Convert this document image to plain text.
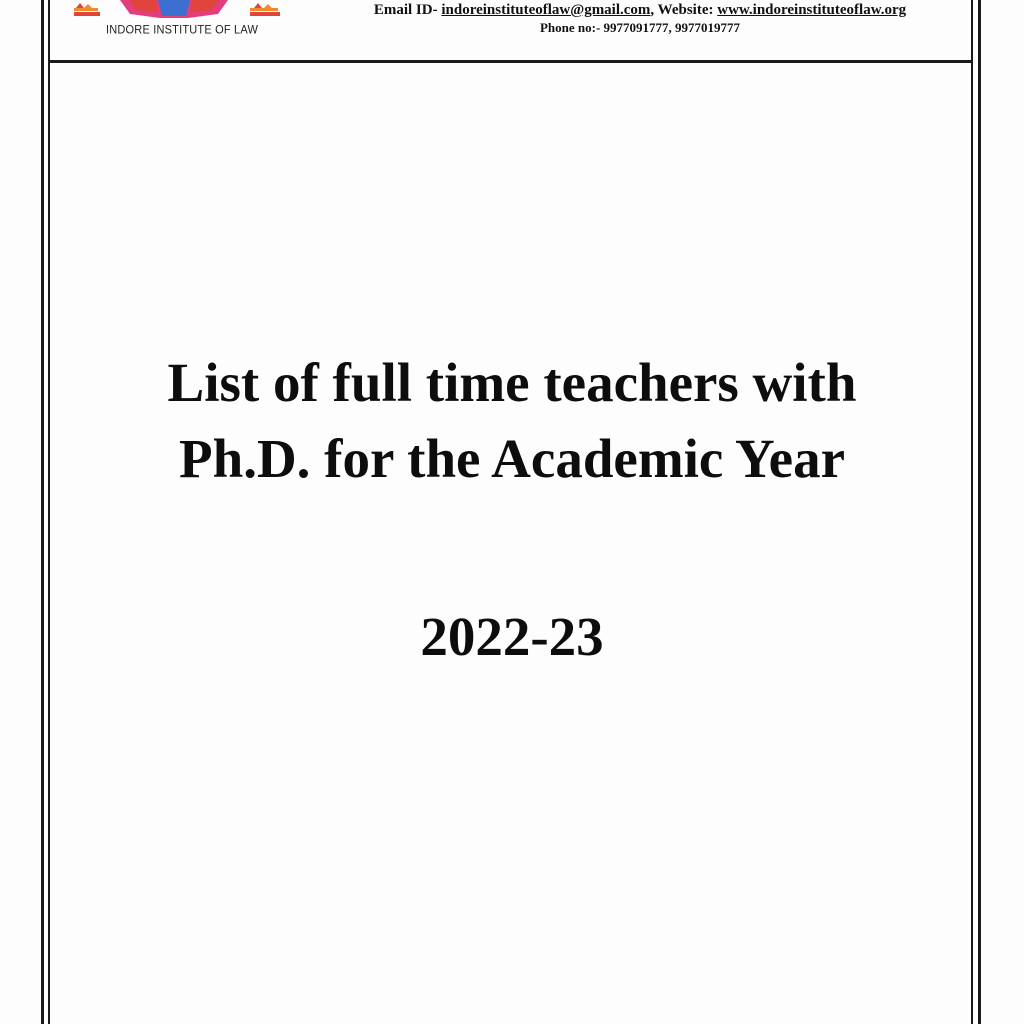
INDORE INSTITUTE OF LAW
Email ID- indoreinstituteoflaw@gmail.com, Website: www.indoreinstituteoflaw.org
Phone no:- 9977091777, 9977019777
List of full time teachers with
Ph.D. for the Academic Year
2022-23
